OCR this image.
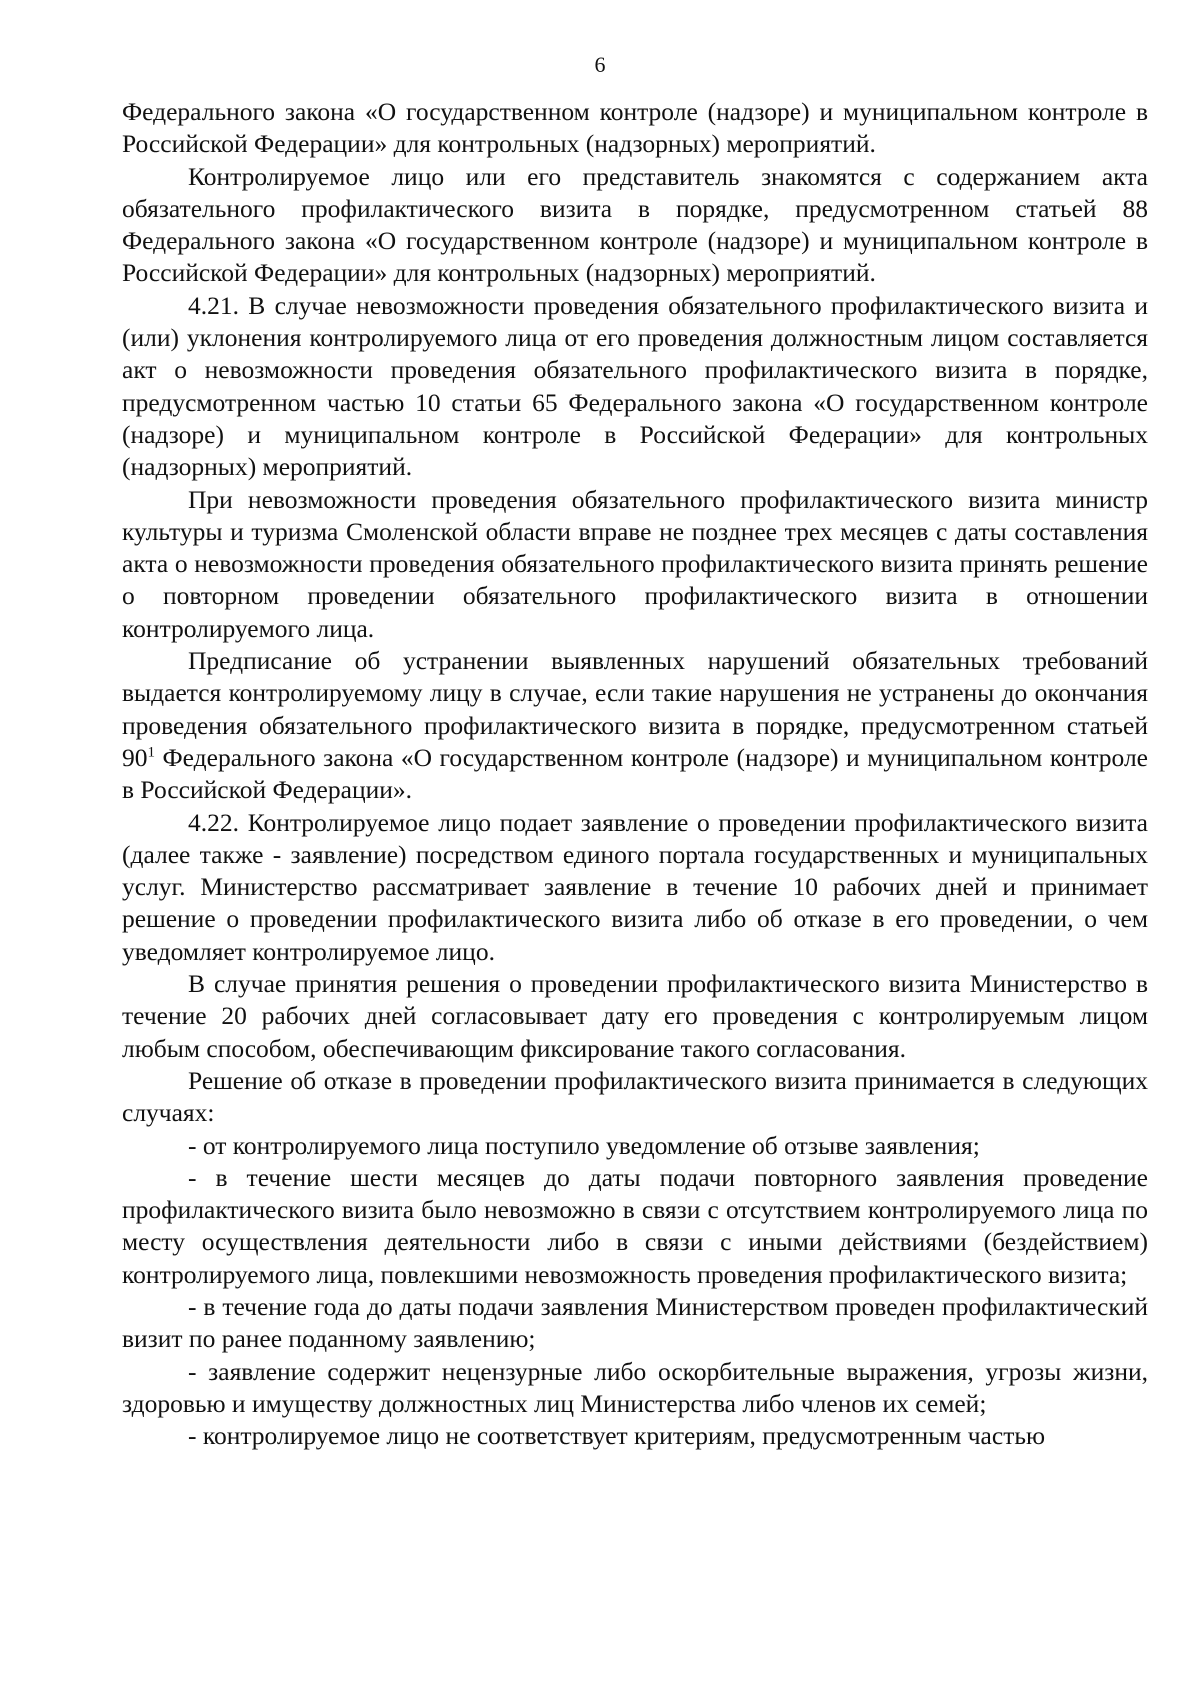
6

Федерального закона «О государственном контроле (надзоре) и муниципальном контроле в Российской Федерации» для контрольных (надзорных) мероприятий.

Контролируемое лицо или его представитель знакомятся с содержанием акта обязательного профилактического визита в порядке, предусмотренном статьей 88 Федерального закона «О государственном контроле (надзоре) и муниципальном контроле в Российской Федерации» для контрольных (надзорных) мероприятий.

4.21. В случае невозможности проведения обязательного профилактического визита и (или) уклонения контролируемого лица от его проведения должностным лицом составляется акт о невозможности проведения обязательного профилактического визита в порядке, предусмотренном частью 10 статьи 65 Федерального закона «О государственном контроле (надзоре) и муниципальном контроле в Российской Федерации» для контрольных (надзорных) мероприятий.

При невозможности проведения обязательного профилактического визита министр культуры и туризма Смоленской области вправе не позднее трех месяцев с даты составления акта о невозможности проведения обязательного профилактического визита принять решение о повторном проведении обязательного профилактического визита в отношении контролируемого лица.

Предписание об устранении выявленных нарушений обязательных требований выдается контролируемому лицу в случае, если такие нарушения не устранены до окончания проведения обязательного профилактического визита в порядке, предусмотренном статьей $90^1$ Федерального закона «О государственном контроле (надзоре) и муниципальном контроле в Российской Федерации».

4.22. Контролируемое лицо подает заявление о проведении профилактического визита (далее также - заявление) посредством единого портала государственных и муниципальных услуг. Министерство рассматривает заявление в течение 10 рабочих дней и принимает решение о проведении профилактического визита либо об отказе в его проведении, о чем уведомляет контролируемое лицо.

В случае принятия решения о проведении профилактического визита Министерство в течение 20 рабочих дней согласовывает дату его проведения с контролируемым лицом любым способом, обеспечивающим фиксирование такого согласования.

Решение об отказе в проведении профилактического визита принимается в следующих случаях:

- от контролируемого лица поступило уведомление об отзыве заявления;

- в течение шести месяцев до даты подачи повторного заявления проведение профилактического визита было невозможно в связи с отсутствием контролируемого лица по месту осуществления деятельности либо в связи с иными действиями (бездействием) контролируемого лица, повлекшими невозможность проведения профилактического визита;

- в течение года до даты подачи заявления Министерством проведен профилактический визит по ранее поданному заявлению;

- заявление содержит нецензурные либо оскорбительные выражения, угрозы жизни, здоровью и имуществу должностных лиц Министерства либо членов их семей;

- контролируемое лицо не соответствует критериям, предусмотренным частью
